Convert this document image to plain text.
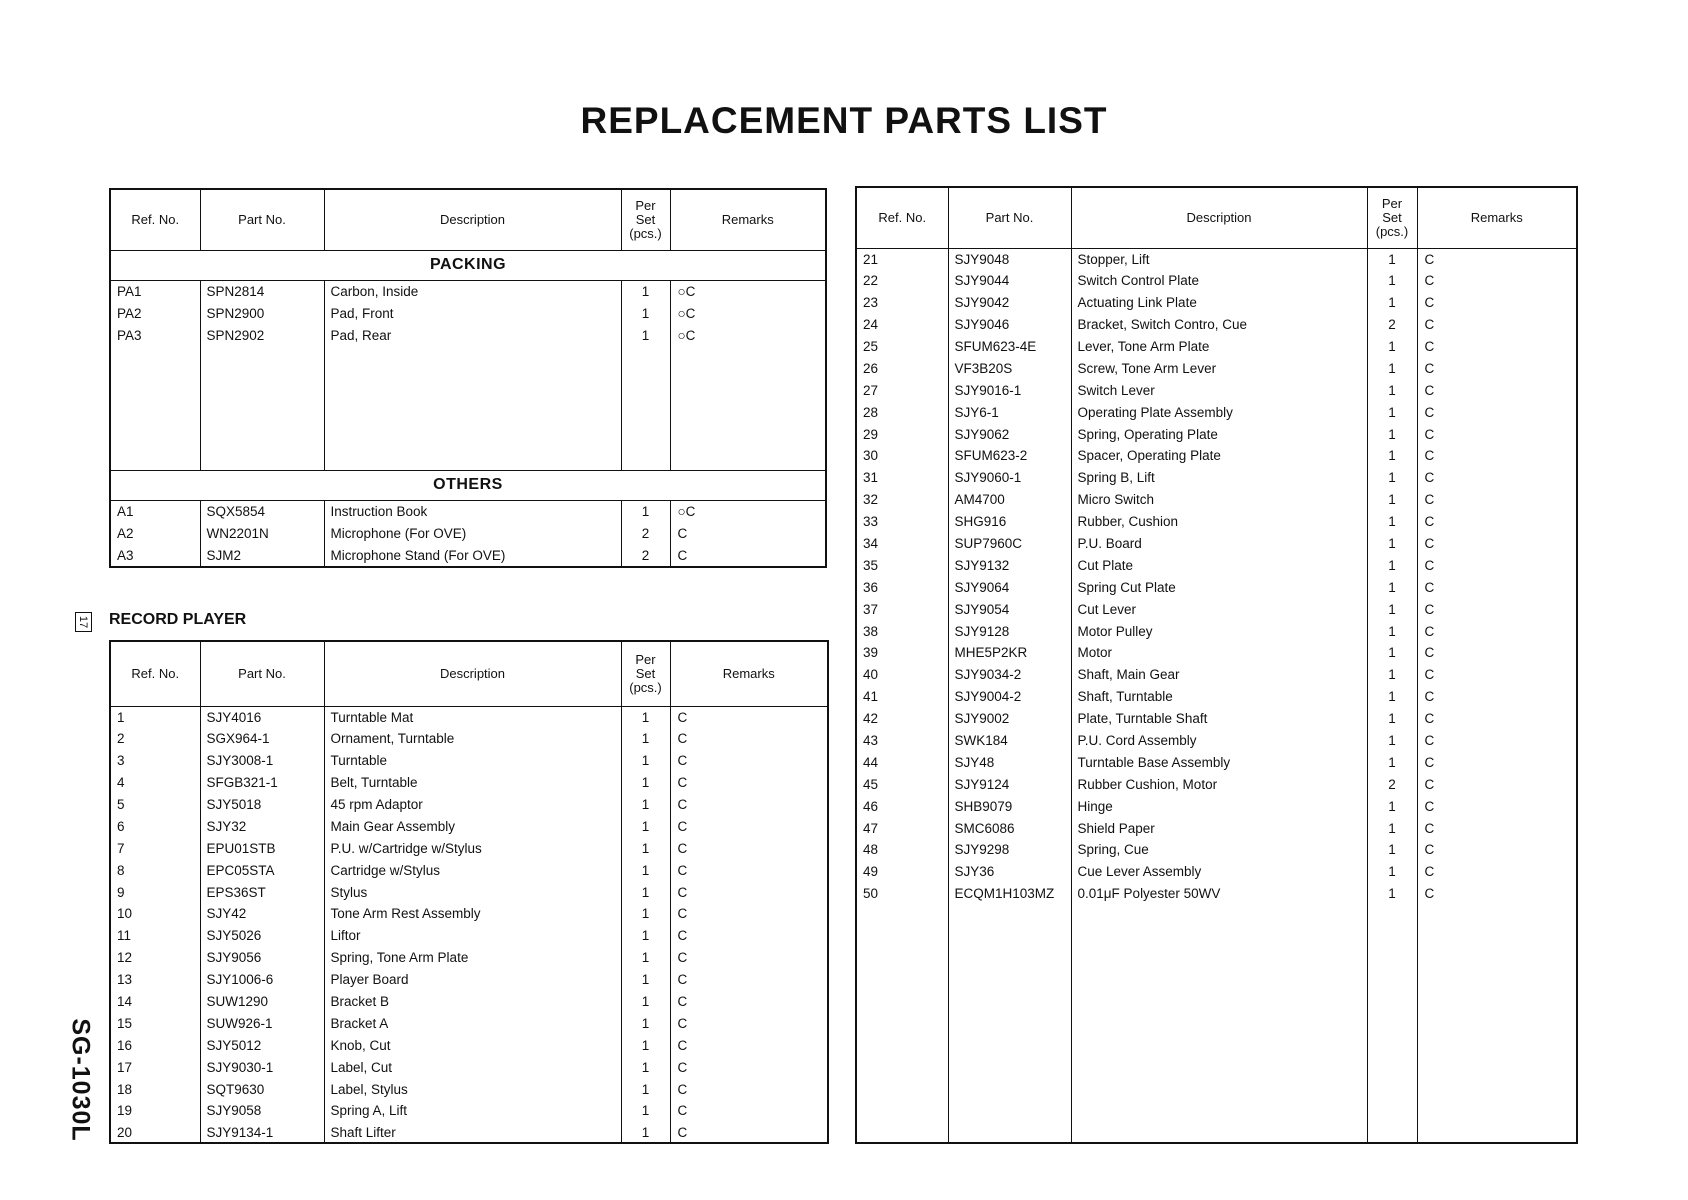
REPLACEMENT PARTS LIST
Ref. No.	Part No.	Description	Per
Set
(pcs.)	Remarks
PACKING				
PA1	SPN2814	Carbon, Inside	1	○C
PA2	SPN2900	Pad, Front	1	○C
PA3	SPN2902	Pad, Rear	1	○C

OTHERS				
A1	SQX5854	Instruction Book	1	○C
A2	WN2201N	Microphone (For OVE)	2	C
A3	SJM2	Microphone Stand (For OVE)	2	C

17 RECORD PLAYER
Ref. No.	Part No.	Description	Per
Set
(pcs.)	Remarks
1	SJY4016	Turntable Mat	1	C
2	SGX964-1	Ornament, Turntable	1	C
3	SJY3008-1	Turntable	1	C
4	SFGB321-1	Belt, Turntable	1	C
5	SJY5018	45 rpm Adaptor	1	C
6	SJY32	Main Gear Assembly	1	C
7	EPU01STB	P.U. w/Cartridge w/Stylus	1	C
8	EPC05STA	Cartridge w/Stylus	1	C
9	EPS36ST	Stylus	1	C
10	SJY42	Tone Arm Rest Assembly	1	C
11	SJY5026	Liftor	1	C
12	SJY9056	Spring, Tone Arm Plate	1	C
13	SJY1006-6	Player Board	1	C
14	SUW1290	Bracket B	1	C
15	SUW926-1	Bracket A	1	C
16	SJY5012	Knob, Cut	1	C
17	SJY9030-1	Label, Cut	1	C
18	SQT9630	Label, Stylus	1	C
19	SJY9058	Spring A, Lift	1	C
20	SJY9134-1	Shaft Lifter	1	C
Ref. No.	Part No.	Description	Per
Set
(pcs.)	Remarks
21	SJY9048	Stopper, Lift	1	C
22	SJY9044	Switch Control Plate	1	C
23	SJY9042	Actuating Link Plate	1	C
24	SJY9046	Bracket, Switch Contro, Cue	2	C
25	SFUM623-4E	Lever, Tone Arm Plate	1	C
26	VF3B20S	Screw, Tone Arm Lever	1	C
27	SJY9016-1	Switch Lever	1	C
28	SJY6-1	Operating Plate Assembly	1	C
29	SJY9062	Spring, Operating Plate	1	C
30	SFUM623-2	Spacer, Operating Plate	1	C
31	SJY9060-1	Spring B, Lift	1	C
32	AM4700	Micro Switch	1	C
33	SHG916	Rubber, Cushion	1	C
34	SUP7960C	P.U. Board	1	C
35	SJY9132	Cut Plate	1	C
36	SJY9064	Spring Cut Plate	1	C
37	SJY9054	Cut Lever	1	C
38	SJY9128	Motor Pulley	1	C
39	MHE5P2KR	Motor	1	C
40	SJY9034-2	Shaft, Main Gear	1	C
41	SJY9004-2	Shaft, Turntable	1	C
42	SJY9002	Plate, Turntable Shaft	1	C
43	SWK184	P.U. Cord Assembly	1	C
44	SJY48	Turntable Base Assembly	1	C
45	SJY9124	Rubber Cushion, Motor	2	C
46	SHB9079	Hinge	1	C
47	SMC6086	Shield Paper	1	C
48	SJY9298	Spring, Cue	1	C
49	SJY36	Cue Lever Assembly	1	C
50	ECQM1H103MZ	0.01μF Polyester 50WV	1	C

SG-1030L
